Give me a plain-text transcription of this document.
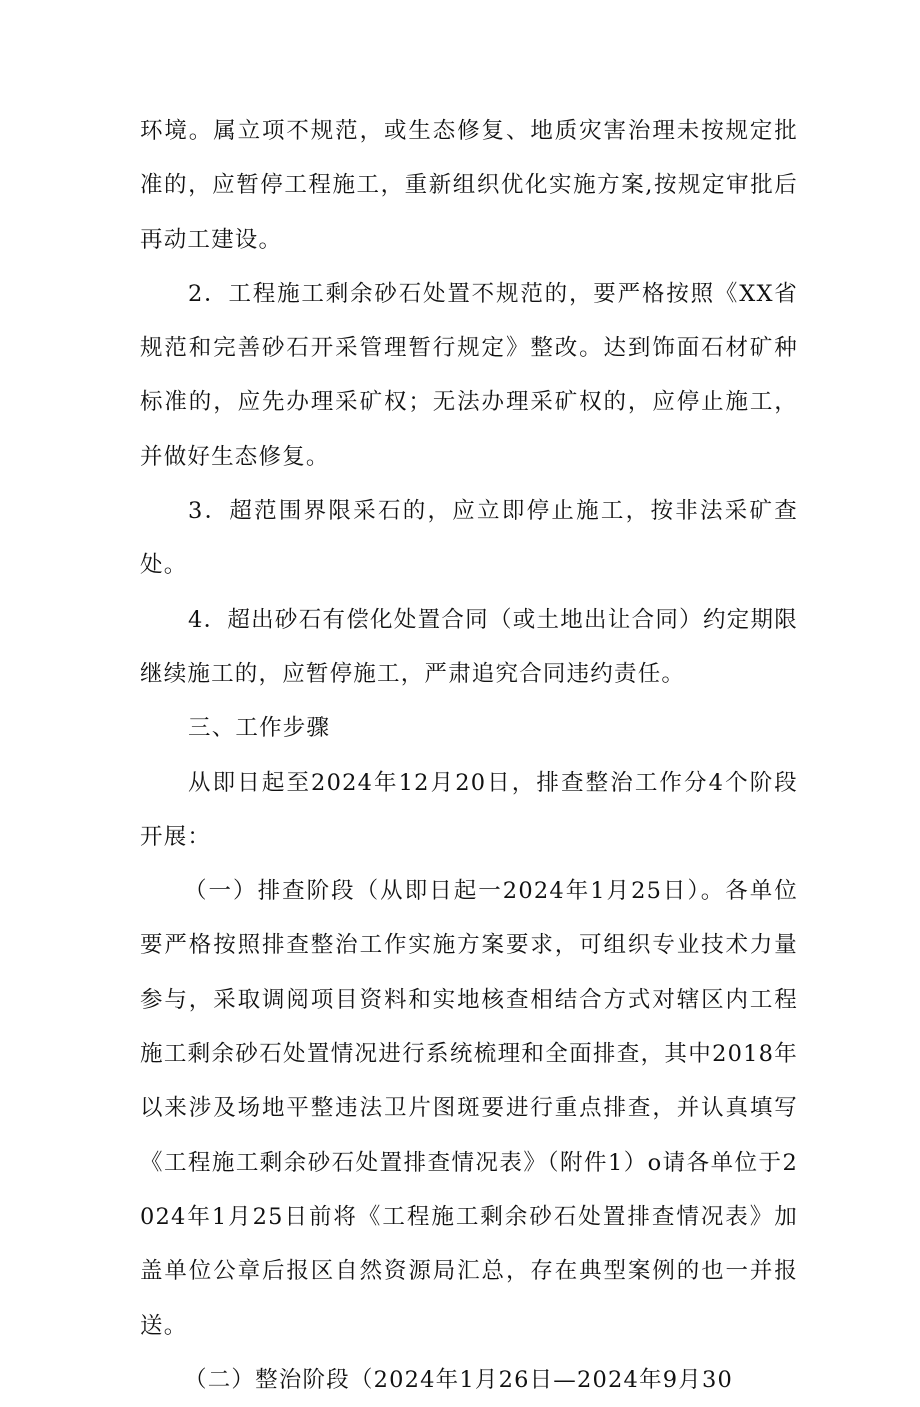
环境。属立项不规范，或生态修复、地质灾害治理未按规定批准的，应暂停工程施工，重新组织优化实施方案,按规定审批后再动工建设。

2．工程施工剩余砂石处置不规范的，要严格按照《XX省规范和完善砂石开采管理暂行规定》整改。达到饰面石材矿种标准的，应先办理采矿权；无法办理采矿权的，应停止施工，并做好生态修复。

3．超范围界限采石的，应立即停止施工，按非法采矿查处。

4．超出砂石有偿化处置合同（或土地出让合同）约定期限继续施工的，应暂停施工，严肃追究合同违约责任。

三、工作步骤

从即日起至2024年12月20日，排查整治工作分4个阶段开展：

（一）排查阶段（从即日起一2024年1月25日）。各单位要严格按照排查整治工作实施方案要求，可组织专业技术力量参与，采取调阅项目资料和实地核查相结合方式对辖区内工程施工剩余砂石处置情况进行系统梳理和全面排查，其中2018年以来涉及场地平整违法卫片图斑要进行重点排查，并认真填写《工程施工剩余砂石处置排查情况表》（附件1）o请各单位于2024年1月25日前将《工程施工剩余砂石处置排查情况表》加盖单位公章后报区自然资源局汇总，存在典型案例的也一并报送。

（二）整治阶段（2024年1月26日—2024年9月30
